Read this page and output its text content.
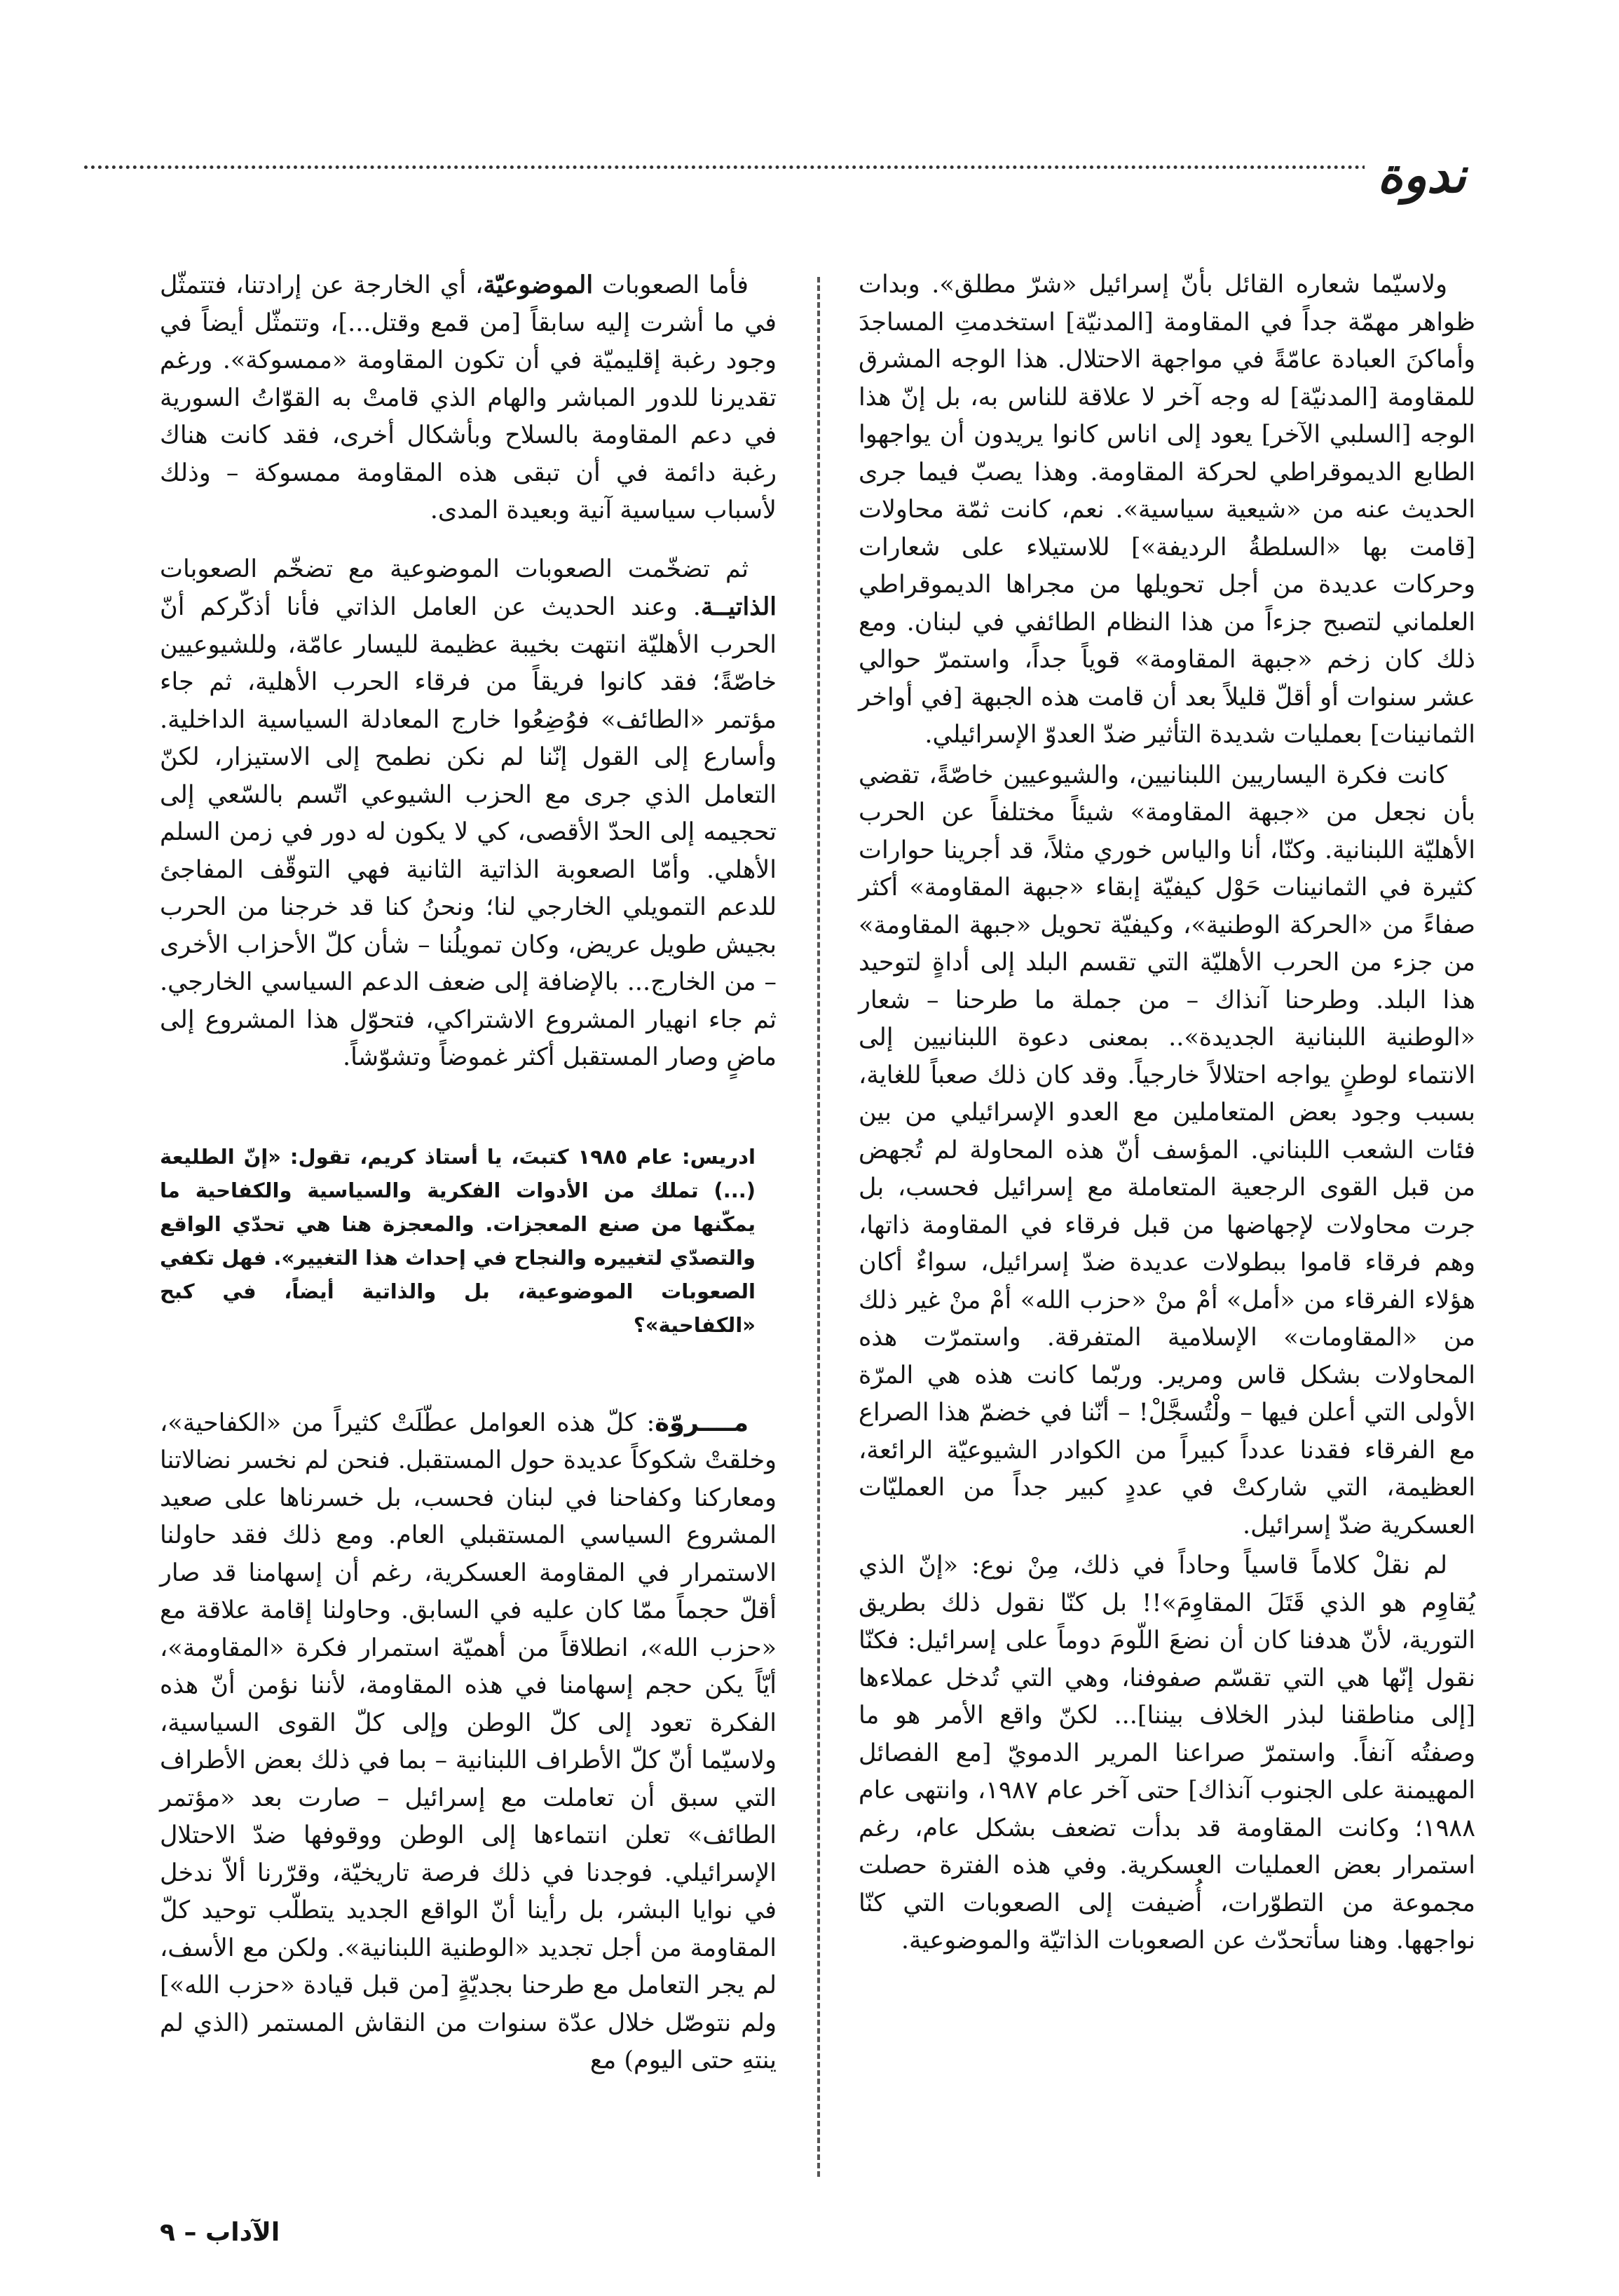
ندوة

ولاسيّما شعاره القائل بأنّ إسرائيل «شرّ مطلق». وبدات ظواهر مهمّة جداً في المقاومة [المدنيّة] استخدمتِ المساجدَ وأماكنَ العبادة عامّةً في مواجهة الاحتلال. هذا الوجه المشرق للمقاومة [المدنيّة] له وجه آخر لا علاقة للناس به، بل إنّ هذا الوجه [السلبي الآخر] يعود إلى اناس كانوا يريدون أن يواجهوا الطابع الديموقراطي لحركة المقاومة. وهذا يصبّ فيما جرى الحديث عنه من «شيعية سياسية». نعم، كانت ثمّة محاولات [قامت بها «السلطةُ الرديفة»] للاستيلاء على شعارات وحركات عديدة من أجل تحويلها من مجراها الديموقراطي العلماني لتصبح جزءاً من هذا النظام الطائفي في لبنان. ومع ذلك كان زخم «جبهة المقاومة» قوياً جداً، واستمرّ حوالي عشر سنوات أو أقلّ قليلاً بعد أن قامت هذه الجبهة [في أواخر الثمانينات] بعمليات شديدة التأثير ضدّ العدوّ الإسرائيلي.

كانت فكرة اليساريين اللبنانيين، والشيوعيين خاصّةً، تقضي بأن نجعل من «جبهة المقاومة» شيئاً مختلفاً عن الحرب الأهليّة اللبنانية. وكنّا، أنا والياس خوري مثلاً، قد أجرينا حوارات كثيرة في الثمانينات حَوْل كيفيّة إبقاء «جبهة المقاومة» أكثر صفاءً من «الحركة الوطنية»، وكيفيّة تحويل «جبهة المقاومة» من جزء من الحرب الأهليّة التي تقسم البلد إلى أداةٍ لتوحيد هذا البلد. وطرحنا آنذاك – من جملة ما طرحنا – شعار «الوطنية اللبنانية الجديدة».. بمعنى دعوة اللبنانيين إلى الانتماء لوطنٍ يواجه احتلالاً خارجياً. وقد كان ذلك صعباً للغاية، بسبب وجود بعض المتعاملين مع العدو الإسرائيلي من بين فئات الشعب اللبناني. المؤسف أنّ هذه المحاولة لم تُجهض من قبل القوى الرجعية المتعاملة مع إسرائيل فحسب، بل جرت محاولات لإجهاضها من قبل فرقاء في المقاومة ذاتها، وهم فرقاء قاموا ببطولات عديدة ضدّ إسرائيل، سواءٌ أكان هؤلاء الفرقاء من «أمل» أمْ منْ «حزب الله» أمْ منْ غير ذلك من «المقاومات» الإسلامية المتفرقة. واستمرّت هذه المحاولات بشكل قاس ومرير. وربّما كانت هذه هي المرّة الأولى التي أعلن فيها – ولْتُسجَّلْ! – أنّنا في خضمّ هذا الصراع مع الفرقاء فقدنا عدداً كبيراً من الكوادر الشيوعيّة الرائعة، العظيمة، التي شاركتْ في عددٍ كبير جداً من العمليّات العسكرية ضدّ إسرائيل.

لم نقلْ كلاماً قاسياً وحاداً في ذلك، مِنْ نوع: «إنّ الذي يُقاوِم هو الذي قَتَلَ المقاوِمَ»!! بل كنّا نقول ذلك بطريق التورية، لأنّ هدفنا كان أن نضعَ اللّومَ دوماً على إسرائيل: فكنّا نقول إنّها هي التي تقسّم صفوفنا، وهي التي تُدخل عملاءها [إلى مناطقنا لبذر الخلاف بيننا]... لكنّ واقع الأمر هو ما وصفتُه آنفاً. واستمرّ صراعنا المرير الدمويّ [مع الفصائل المهيمنة على الجنوب آنذاك] حتى آخر عام ١٩٨٧، وانتهى عام ١٩٨٨؛ وكانت المقاومة قد بدأت تضعف بشكل عام، رغم استمرار بعض العمليات العسكرية. وفي هذه الفترة حصلت مجموعة من التطوّرات، أُضيفت إلى الصعوبات التي كنّا نواجهها. وهنا سأتحدّث عن الصعوبات الذاتيّة والموضوعية.

فأما الصعوبات الموضوعيّة، أي الخارجة عن إرادتنا، فتتمثّل في ما أشرت إليه سابقاً [من قمع وقتل...]، وتتمثّل أيضاً في وجود رغبة إقليميّة في أن تكون المقاومة «ممسوكة». ورغم تقديرنا للدور المباشر والهام الذي قامتْ به القوّاتُ السورية في دعم المقاومة بالسلاح وبأشكال أخرى، فقد كانت هناك رغبة دائمة في أن تبقى هذه المقاومة ممسوكة – وذلك لأسباب سياسية آنية وبعيدة المدى.

ثم تضخّمت الصعوبات الموضوعية مع تضخّم الصعوبات الذاتيــة. وعند الحديث عن العامل الذاتي فأنا أذكّركم أنّ الحرب الأهليّة انتهت بخيبة عظيمة لليسار عامّة، وللشيوعيين خاصّةً؛ فقد كانوا فريقاً من فرقاء الحرب الأهلية، ثم جاء مؤتمر «الطائف» فوُضِعُوا خارج المعادلة السياسية الداخلية. وأسارع إلى القول إنّنا لم نكن نطمح إلى الاستيزار، لكنّ التعامل الذي جرى مع الحزب الشيوعي اتّسم بالسّعي إلى تحجيمه إلى الحدّ الأقصى، كي لا يكون له دور في زمن السلم الأهلي. وأمّا الصعوبة الذاتية الثانية فهي التوقّف المفاجئ للدعم التمويلي الخارجي لنا؛ ونحنُ كنا قد خرجنا من الحرب بجيش طويل عريض، وكان تمويلُنا – شأن كلّ الأحزاب الأخرى – من الخارج... بالإضافة إلى ضعف الدعم السياسي الخارجي. ثم جاء انهيار المشروع الاشتراكي، فتحوّل هذا المشروع إلى ماضٍ وصار المستقبل أكثر غموضاً وتشوّشاً.

ادريس: عام ١٩٨٥ كتبتَ، يا أستاذ كريم، تقول: «إنّ الطليعة (...) تملك من الأدوات الفكرية والسياسية والكفاحية ما يمكّنها من صنع المعجزات. والمعجزة هنا هي تحدّي الواقع والتصدّي لتغييره والنجاح في إحداث هذا التغيير». فهل تكفي الصعوبات الموضوعية، بل والذاتية أيضاً، في كبح «الكفاحية»؟

مــــروّة: كلّ هذه العوامل عطّلَتْ كثيراً من «الكفاحية»، وخلقتْ شكوكاً عديدة حول المستقبل. فنحن لم نخسر نضالاتنا ومعاركنا وكفاحنا في لبنان فحسب، بل خسرناها على صعيد المشروع السياسي المستقبلي العام. ومع ذلك فقد حاولنا الاستمرار في المقاومة العسكرية، رغم أن إسهامنا قد صار أقلّ حجماً ممّا كان عليه في السابق. وحاولنا إقامة علاقة مع «حزب الله»، انطلاقاً من أهميّة استمرار فكرة «المقاومة»، أيّاً يكن حجم إسهامنا في هذه المقاومة، لأننا نؤمن أنّ هذه الفكرة تعود إلى كلّ الوطن وإلى كلّ القوى السياسية، ولاسيّما أنّ كلّ الأطراف اللبنانية – بما في ذلك بعض الأطراف التي سبق أن تعاملت مع إسرائيل – صارت بعد «مؤتمر الطائف» تعلن انتماءها إلى الوطن ووقوفها ضدّ الاحتلال الإسرائيلي. فوجدنا في ذلك فرصة تاريخيّة، وقرّرنا ألاّ ندخل في نوايا البشر، بل رأينا أنّ الواقع الجديد يتطلّب توحيد كلّ المقاومة من أجل تجديد «الوطنية اللبنانية». ولكن مع الأسف، لم يجر التعامل مع طرحنا بجديّةٍ [من قبل قيادة «حزب الله»] ولم نتوصّل خلال عدّة سنوات من النقاش المستمر (الذي لم ينتهِ حتى اليوم) مع

الآداب – ٩
